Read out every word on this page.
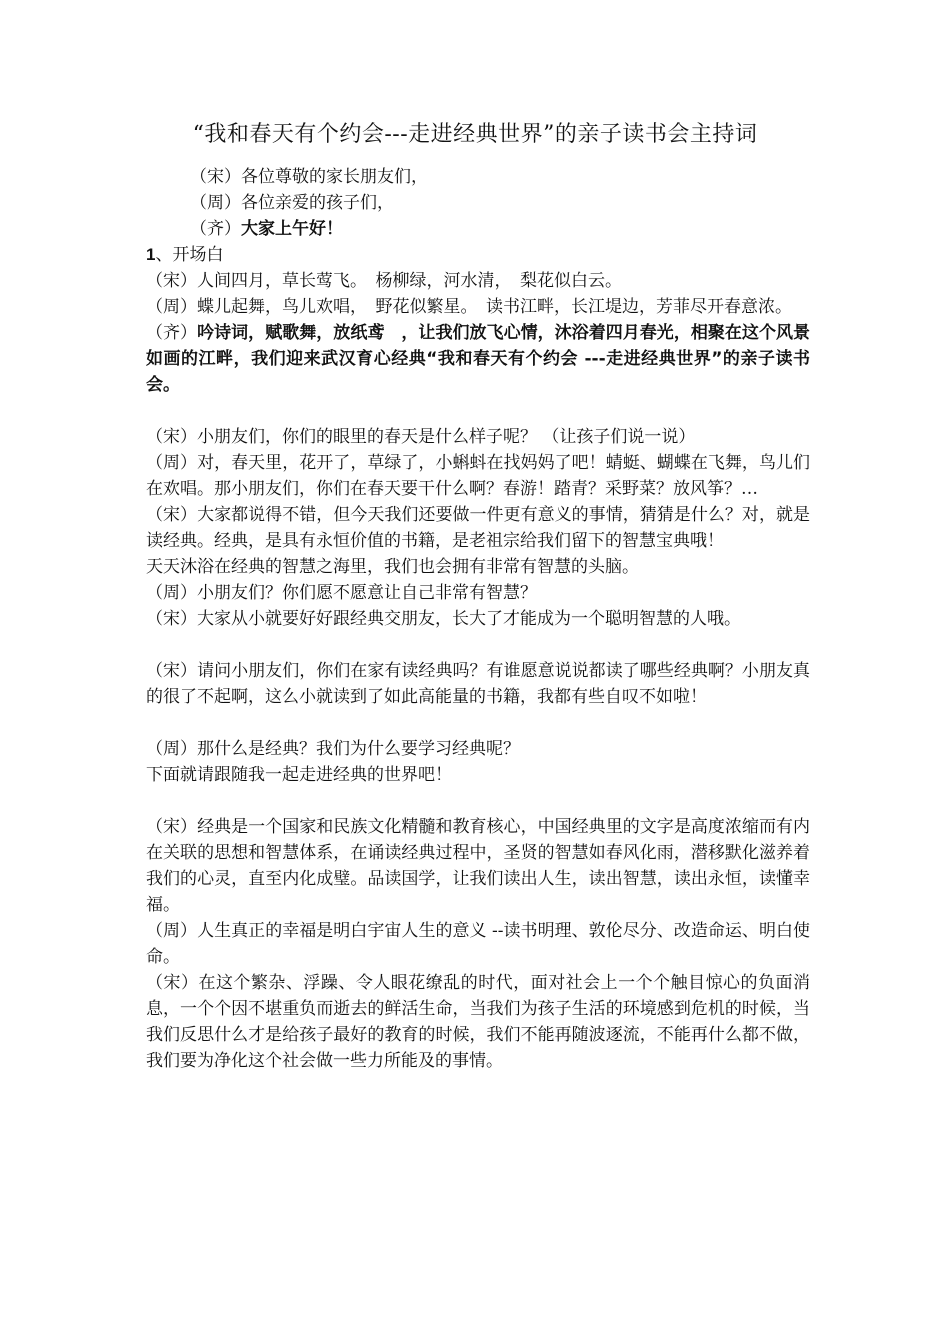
“我和春天有个约会---走进经典世界”的亲子读书会主持词

（宋）各位尊敬的家长朋友们，

（周）各位亲爱的孩子们，

（齐）大家上午好！

1、开场白

（宋）人间四月，草长莺飞。　杨柳绿，河水清，　梨花似白云。

（周）蝶儿起舞，鸟儿欢唱，　野花似繁星。　读书江畔，长江堤边，芳菲尽开春意浓。

（齐）吟诗词，赋歌舞，放纸鸢　，让我们放飞心情，沐浴着四月春光，相聚在这个风景如画的江畔，我们迎来武汉育心经典“我和春天有个约会 ---走进经典世界”的亲子读书会。

（宋）小朋友们，你们的眼里的春天是什么样子呢？ （让孩子们说一说）

（周）对，春天里，花开了，草绿了，小蝌蚪在找妈妈了吧！蜻蜓、蝴蝶在飞舞，鸟儿们在欢唱。那小朋友们，你们在春天要干什么啊？春游！踏青？采野菜？放风筝？…

（宋）大家都说得不错，但今天我们还要做一件更有意义的事情，猜猜是什么？对，就是读经典。经典，是具有永恒价值的书籍，是老祖宗给我们留下的智慧宝典哦！

天天沐浴在经典的智慧之海里，我们也会拥有非常有智慧的头脑。

（周）小朋友们？你们愿不愿意让自己非常有智慧？

（宋）大家从小就要好好跟经典交朋友，长大了才能成为一个聪明智慧的人哦。

（宋）请问小朋友们，你们在家有读经典吗？有谁愿意说说都读了哪些经典啊？小朋友真的很了不起啊，这么小就读到了如此高能量的书籍，我都有些自叹不如啦！

（周）那什么是经典？我们为什么要学习经典呢？

下面就请跟随我一起走进经典的世界吧！

（宋）经典是一个国家和民族文化精髓和教育核心，中国经典里的文字是高度浓缩而有内在关联的思想和智慧体系，在诵读经典过程中，圣贤的智慧如春风化雨，潜移默化滋养着我们的心灵，直至内化成璧。品读国学，让我们读出人生，读出智慧，读出永恒，读懂幸福。

（周）人生真正的幸福是明白宇宙人生的意义 --读书明理、敦伦尽分、改造命运、明白使命。

（宋）在这个繁杂、浮躁、令人眼花缭乱的时代，面对社会上一个个触目惊心的负面消息，一个个因不堪重负而逝去的鲜活生命，当我们为孩子生活的环境感到危机的时候，当我们反思什么才是给孩子最好的教育的时候，我们不能再随波逐流，不能再什么都不做，我们要为净化这个社会做一些力所能及的事情。
